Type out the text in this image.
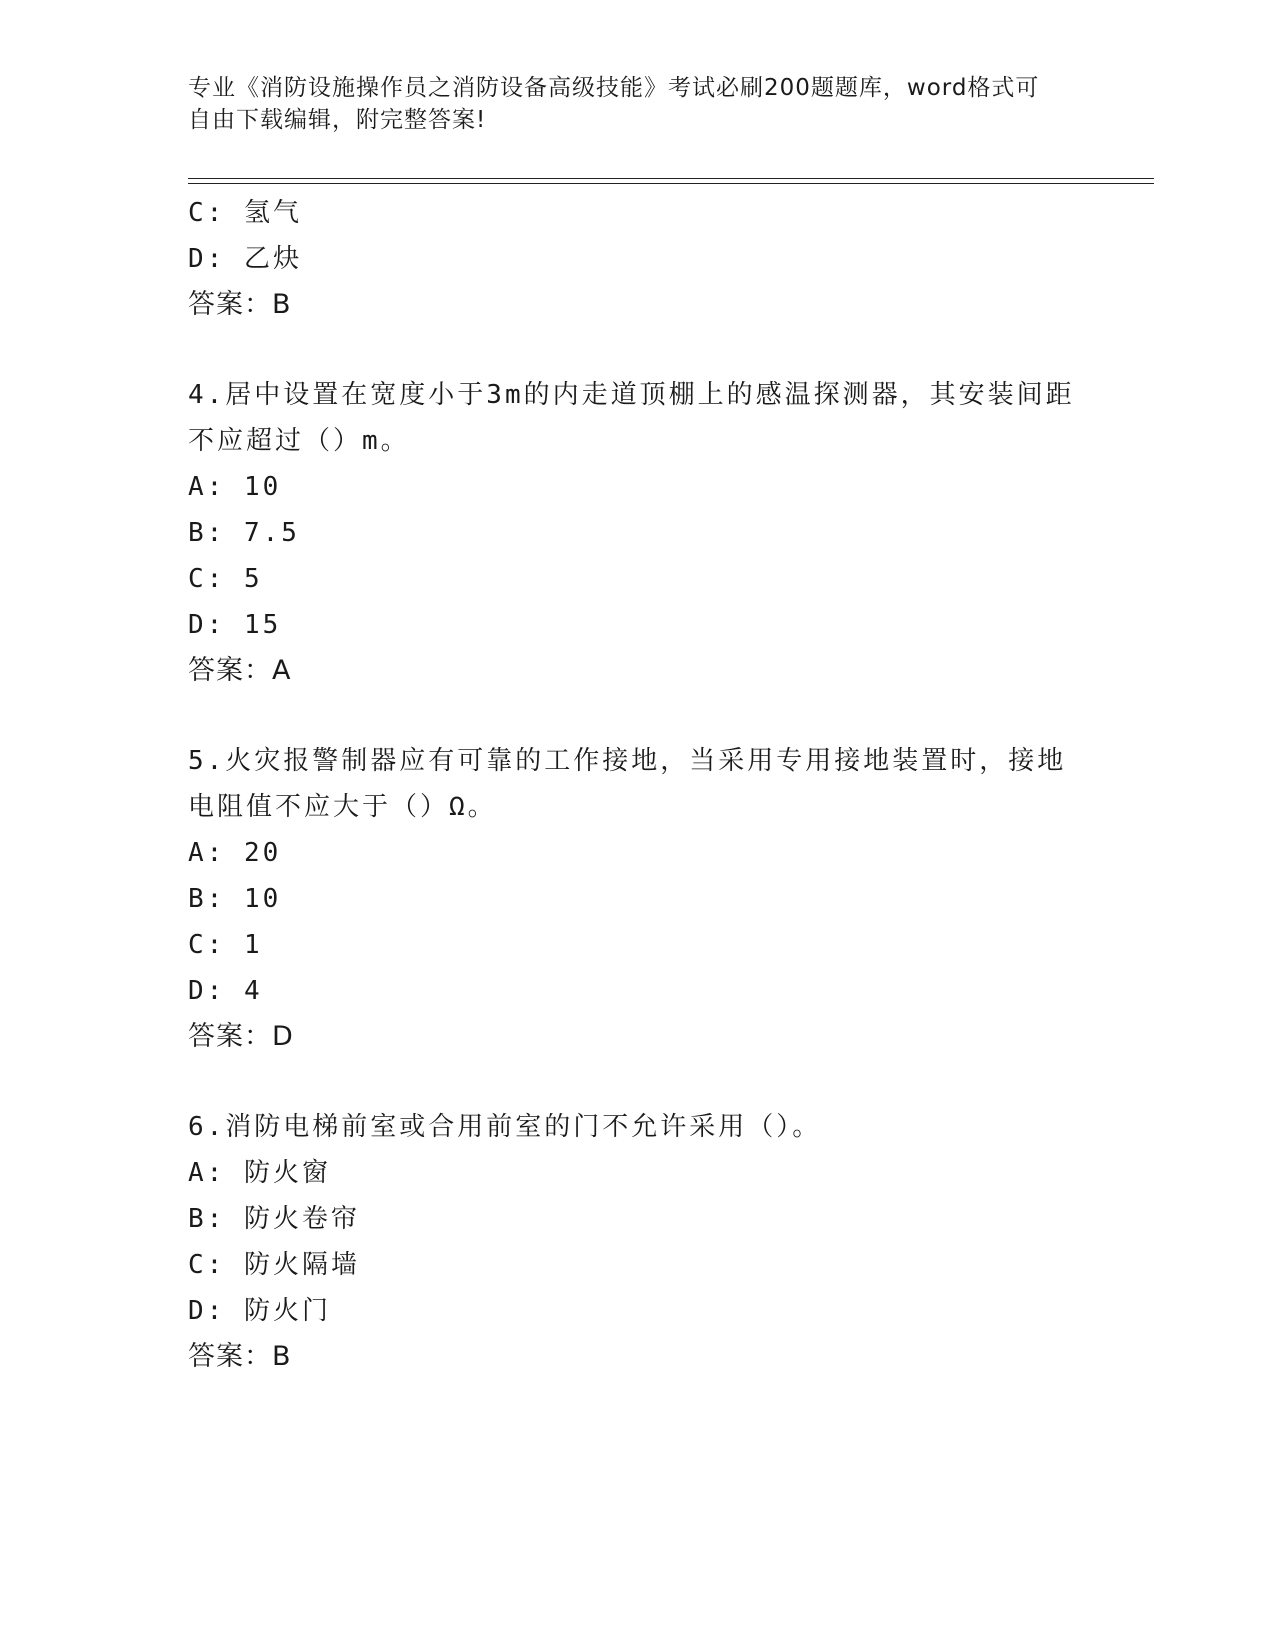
专业《消防设施操作员之消防设备高级技能》考试必刷200题题库，word格式可
自由下载编辑，附完整答案!
C: 氢气
D: 乙炔
答案：B
4.居中设置在宽度小于3m的内走道顶棚上的感温探测器，其安装间距
不应超过（）m。
A: 10
B: 7.5
C: 5
D: 15
答案：A
5.火灾报警制器应有可靠的工作接地，当采用专用接地装置时，接地
电阻值不应大于（）Ω。
A: 20
B: 10
C: 1
D: 4
答案：D
6.消防电梯前室或合用前室的门不允许采用（）。
A: 防火窗
B: 防火卷帘
C: 防火隔墙
D: 防火门
答案：B
